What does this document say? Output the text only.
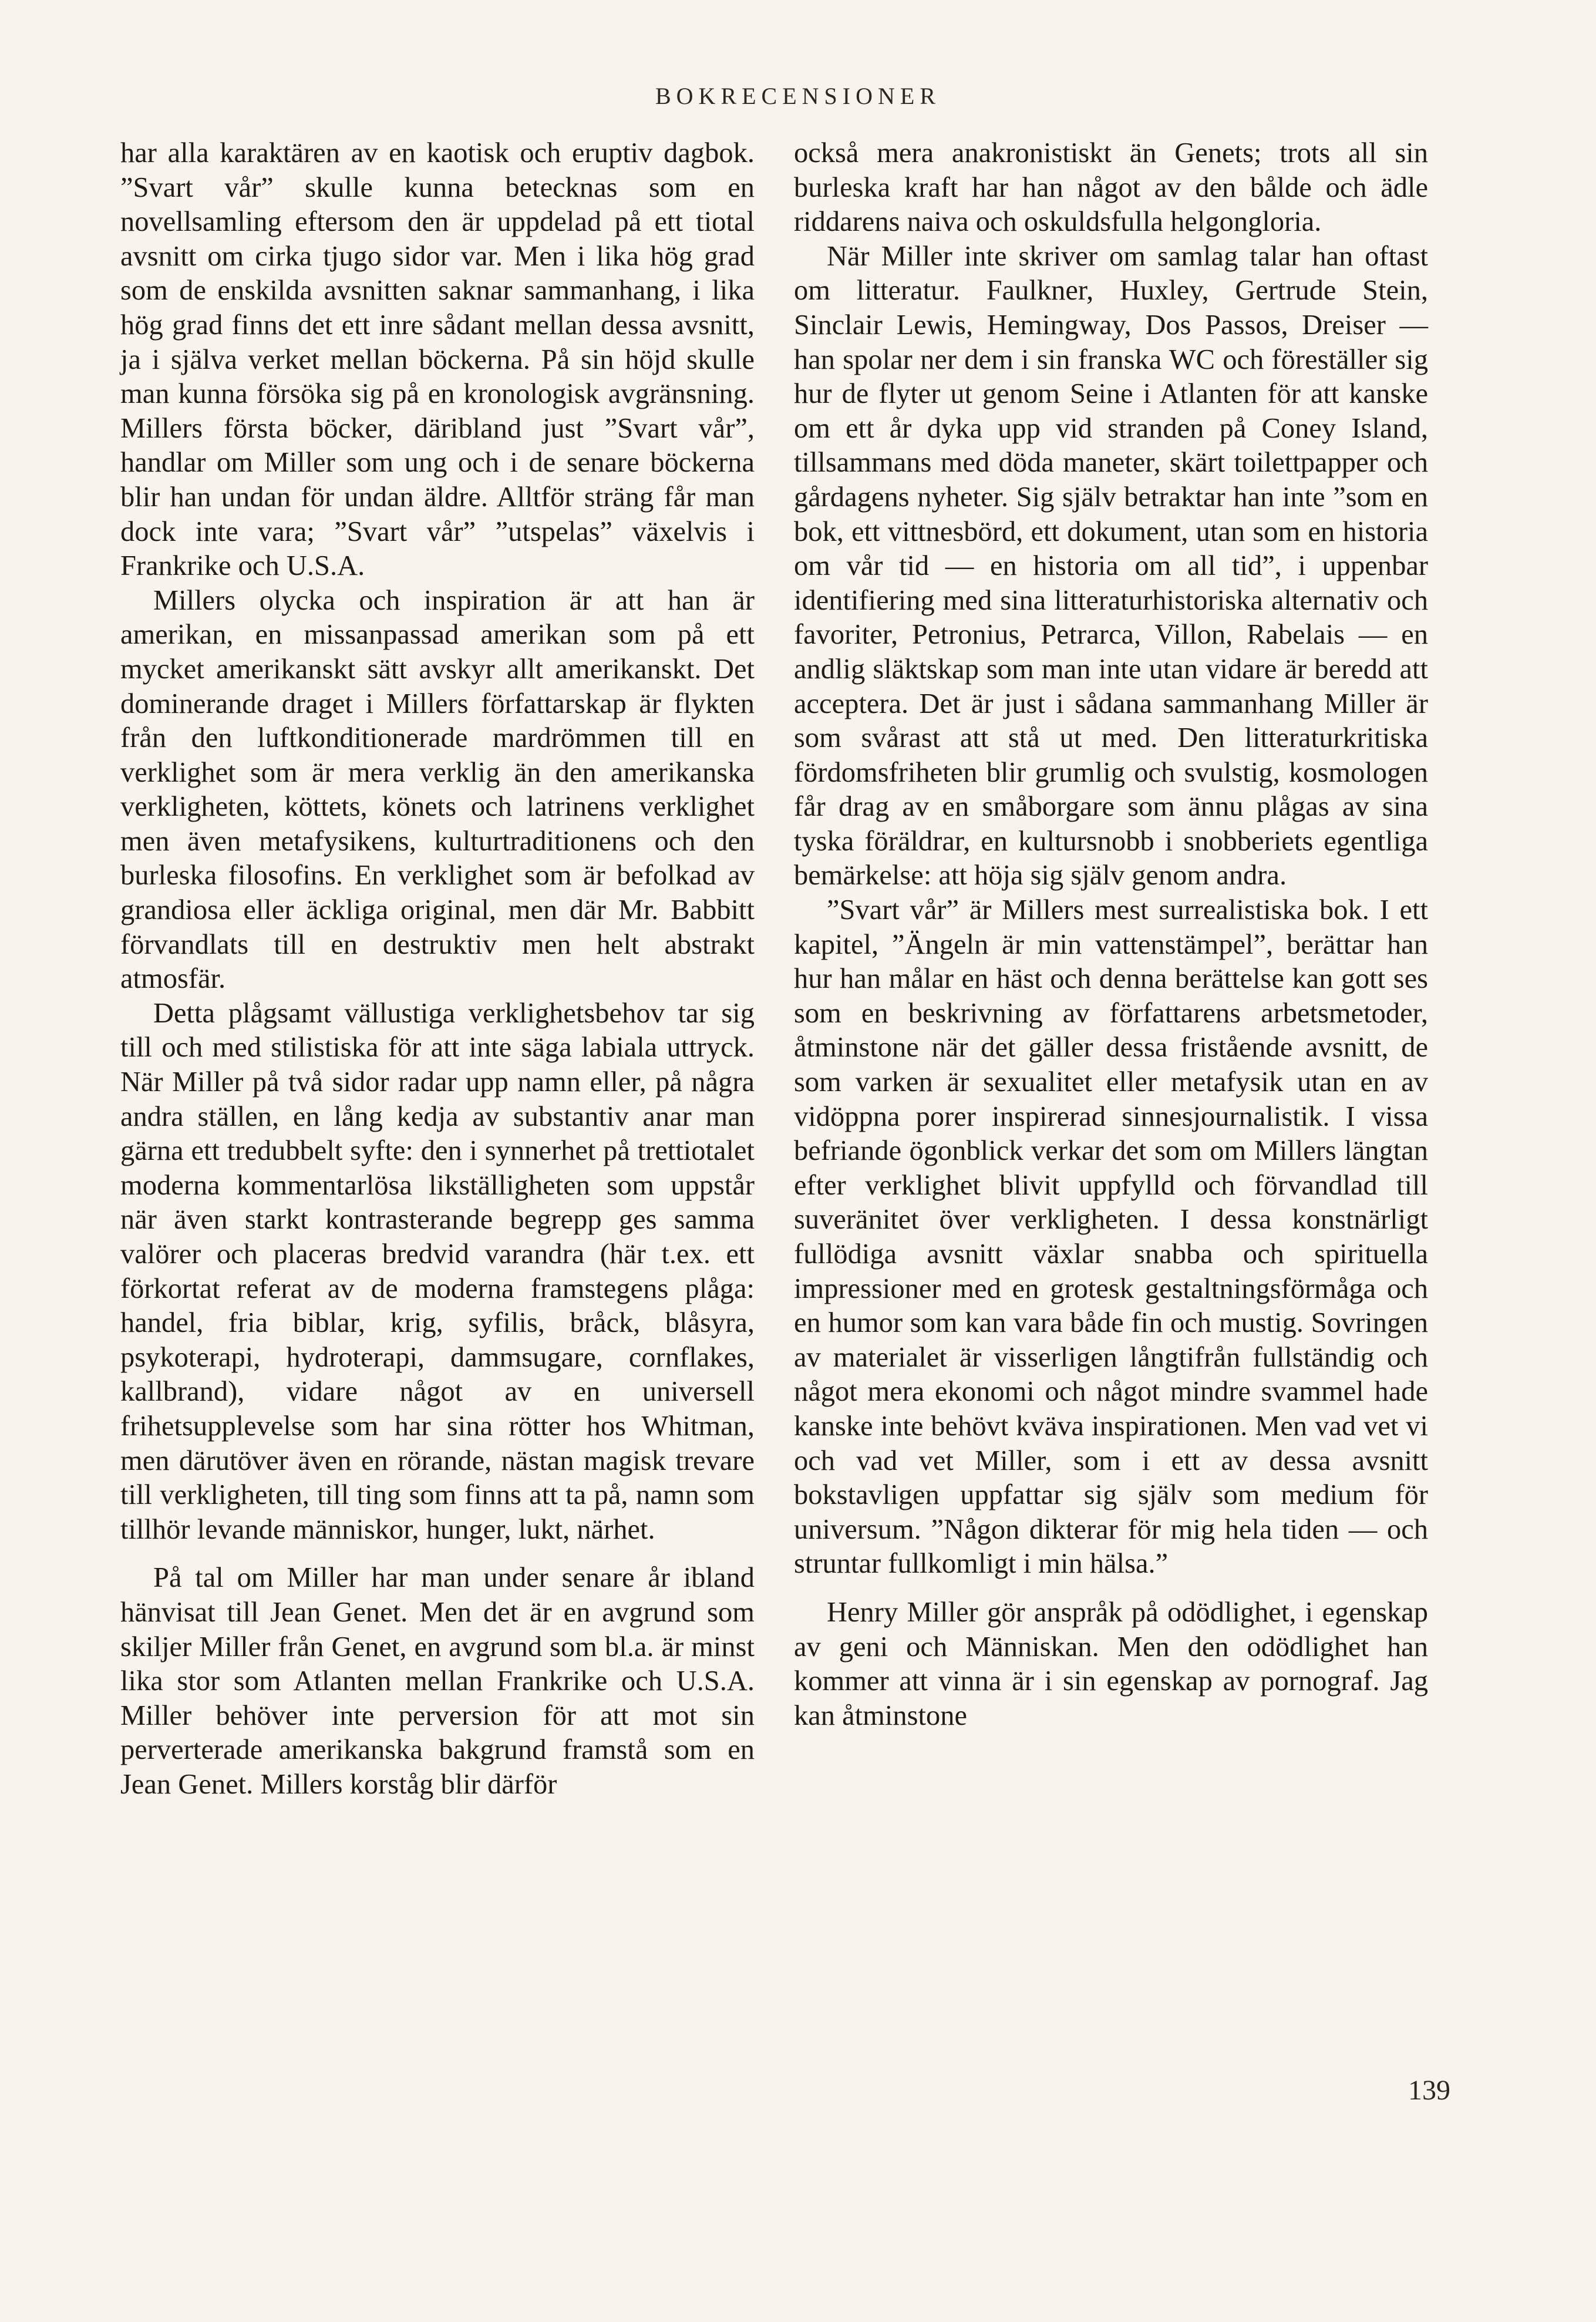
BOKRECENSIONER

har alla karaktären av en kaotisk och eruptiv dagbok. ”Svart vår” skulle kunna betecknas som en novellsamling eftersom den är uppdelad på ett tiotal avsnitt om cirka tjugo sidor var. Men i lika hög grad som de enskilda avsnitten saknar sammanhang, i lika hög grad finns det ett inre sådant mellan dessa avsnitt, ja i själva verket mellan böckerna. På sin höjd skulle man kunna försöka sig på en kronologisk avgränsning. Millers första böcker, däribland just ”Svart vår”, handlar om Miller som ung och i de senare böckerna blir han undan för undan äldre. Alltför sträng får man dock inte vara; ”Svart vår” ”utspelas” växelvis i Frankrike och U.S.A.

Millers olycka och inspiration är att han är amerikan, en missanpassad amerikan som på ett mycket amerikanskt sätt avskyr allt amerikanskt. Det dominerande draget i Millers författarskap är flykten från den luftkonditionerade mardrömmen till en verklighet som är mera verklig än den amerikanska verkligheten, köttets, könets och latrinens verklighet men även metafysikens, kulturtraditionens och den burleska filosofins. En verklighet som är befolkad av grandiosa eller äckliga original, men där Mr. Babbitt förvandlats till en destruktiv men helt abstrakt atmosfär.

Detta plågsamt vällustiga verklighetsbehov tar sig till och med stilistiska för att inte säga labiala uttryck. När Miller på två sidor radar upp namn eller, på några andra ställen, en lång kedja av substantiv anar man gärna ett tredubbelt syfte: den i synnerhet på trettiotalet moderna kommentarlösa likställigheten som uppstår när även starkt kontrasterande begrepp ges samma valörer och placeras bredvid varandra (här t.ex. ett förkortat referat av de moderna framstegens plåga: handel, fria biblar, krig, syfilis, bråck, blåsyra, psykoterapi, hydroterapi, dammsugare, cornflakes, kallbrand), vidare något av en universell frihetsupplevelse som har sina rötter hos Whitman, men därutöver även en rörande, nästan magisk trevare till verkligheten, till ting som finns att ta på, namn som tillhör levande människor, hunger, lukt, närhet.

På tal om Miller har man under senare år ibland hänvisat till Jean Genet. Men det är en avgrund som skiljer Miller från Genet, en avgrund som bl.a. är minst lika stor som Atlanten mellan Frankrike och U.S.A. Miller behöver inte perversion för att mot sin perverterade amerikanska bakgrund framstå som en Jean Genet. Millers korståg blir därför

också mera anakronistiskt än Genets; trots all sin burleska kraft har han något av den bålde och ädle riddarens naiva och oskuldsfulla helgongloria.

När Miller inte skriver om samlag talar han oftast om litteratur. Faulkner, Huxley, Gertrude Stein, Sinclair Lewis, Hemingway, Dos Passos, Dreiser — han spolar ner dem i sin franska WC och föreställer sig hur de flyter ut genom Seine i Atlanten för att kanske om ett år dyka upp vid stranden på Coney Island, tillsammans med döda maneter, skärt toilettpapper och gårdagens nyheter. Sig själv betraktar han inte ”som en bok, ett vittnesbörd, ett dokument, utan som en historia om vår tid — en historia om all tid”, i uppenbar identifiering med sina litteraturhistoriska alternativ och favoriter, Petronius, Petrarca, Villon, Rabelais — en andlig släktskap som man inte utan vidare är beredd att acceptera. Det är just i sådana sammanhang Miller är som svårast att stå ut med. Den litteraturkritiska fördomsfriheten blir grumlig och svulstig, kosmologen får drag av en småborgare som ännu plågas av sina tyska föräldrar, en kultursnobb i snobberiets egentliga bemärkelse: att höja sig själv genom andra.

”Svart vår” är Millers mest surrealistiska bok. I ett kapitel, ”Ängeln är min vattenstämpel”, berättar han hur han målar en häst och denna berättelse kan gott ses som en beskrivning av författarens arbetsmetoder, åtminstone när det gäller dessa fristående avsnitt, de som varken är sexualitet eller metafysik utan en av vidöppna porer inspirerad sinnesjournalistik. I vissa befriande ögonblick verkar det som om Millers längtan efter verklighet blivit uppfylld och förvandlad till suveränitet över verkligheten. I dessa konstnärligt fullödiga avsnitt växlar snabba och spirituella impressioner med en grotesk gestaltningsförmåga och en humor som kan vara både fin och mustig. Sovringen av materialet är visserligen långtifrån fullständig och något mera ekonomi och något mindre svammel hade kanske inte behövt kväva inspirationen. Men vad vet vi och vad vet Miller, som i ett av dessa avsnitt bokstavligen uppfattar sig själv som medium för universum. ”Någon dikterar för mig hela tiden — och struntar fullkomligt i min hälsa.”

Henry Miller gör anspråk på odödlighet, i egenskap av geni och Människan. Men den odödlighet han kommer att vinna är i sin egenskap av pornograf. Jag kan åtminstone

139
